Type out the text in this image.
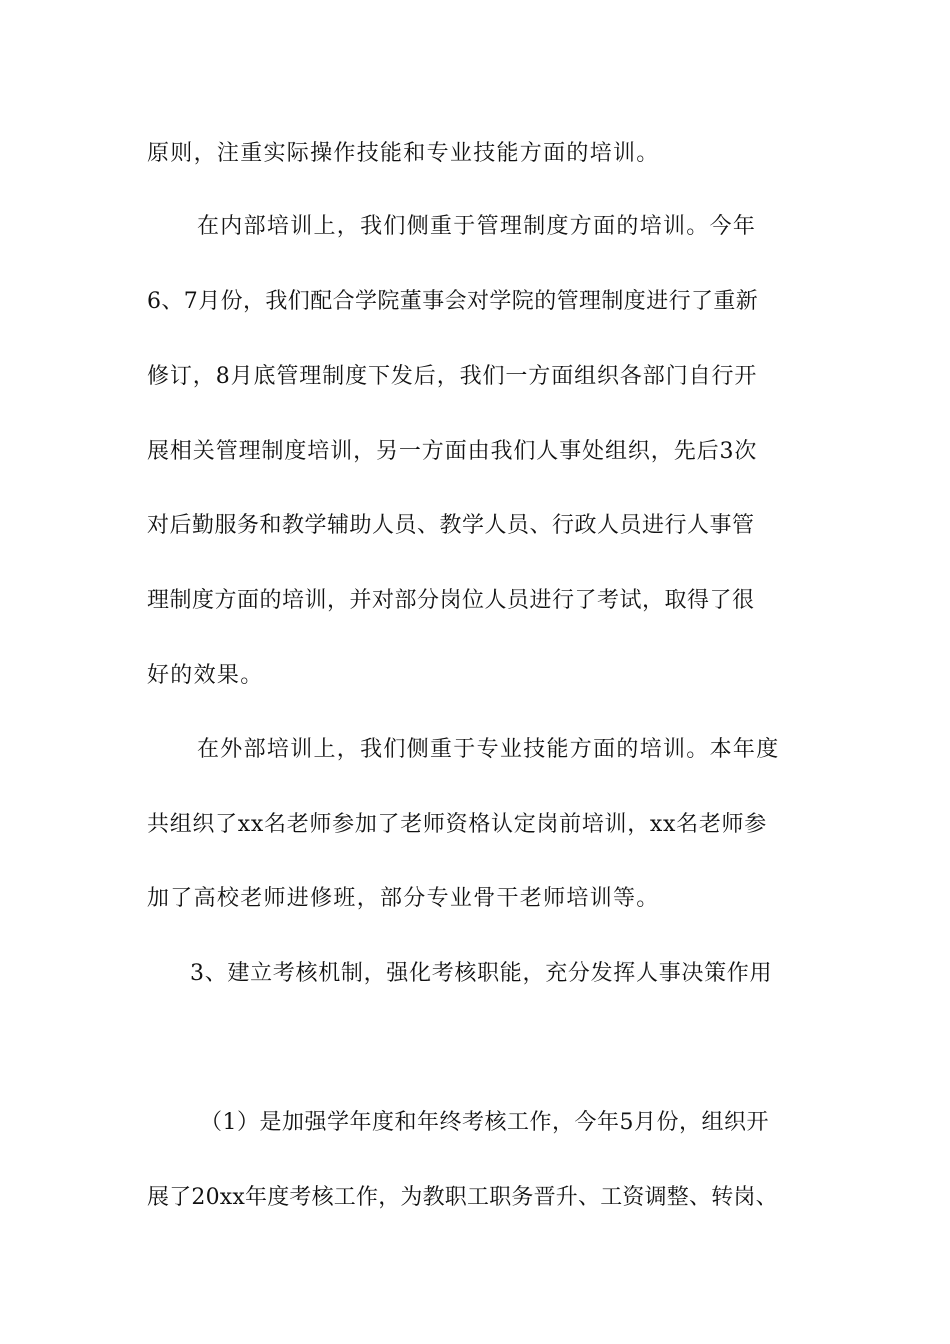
原则，注重实际操作技能和专业技能方面的培训。

在内部培训上，我们侧重于管理制度方面的培训。今年

6、7月份，我们配合学院董事会对学院的管理制度进行了重新

修订，8月底管理制度下发后，我们一方面组织各部门自行开

展相关管理制度培训，另一方面由我们人事处组织，先后3次

对后勤服务和教学辅助人员、教学人员、行政人员进行人事管

理制度方面的培训，并对部分岗位人员进行了考试，取得了很

好的效果。

在外部培训上，我们侧重于专业技能方面的培训。本年度

共组织了xx名老师参加了老师资格认定岗前培训，xx名老师参

加了高校老师进修班，部分专业骨干老师培训等。

3、建立考核机制，强化考核职能，充分发挥人事决策作用

（1）是加强学年度和年终考核工作，今年5月份，组织开

展了20xx年度考核工作，为教职工职务晋升、工资调整、转岗、
